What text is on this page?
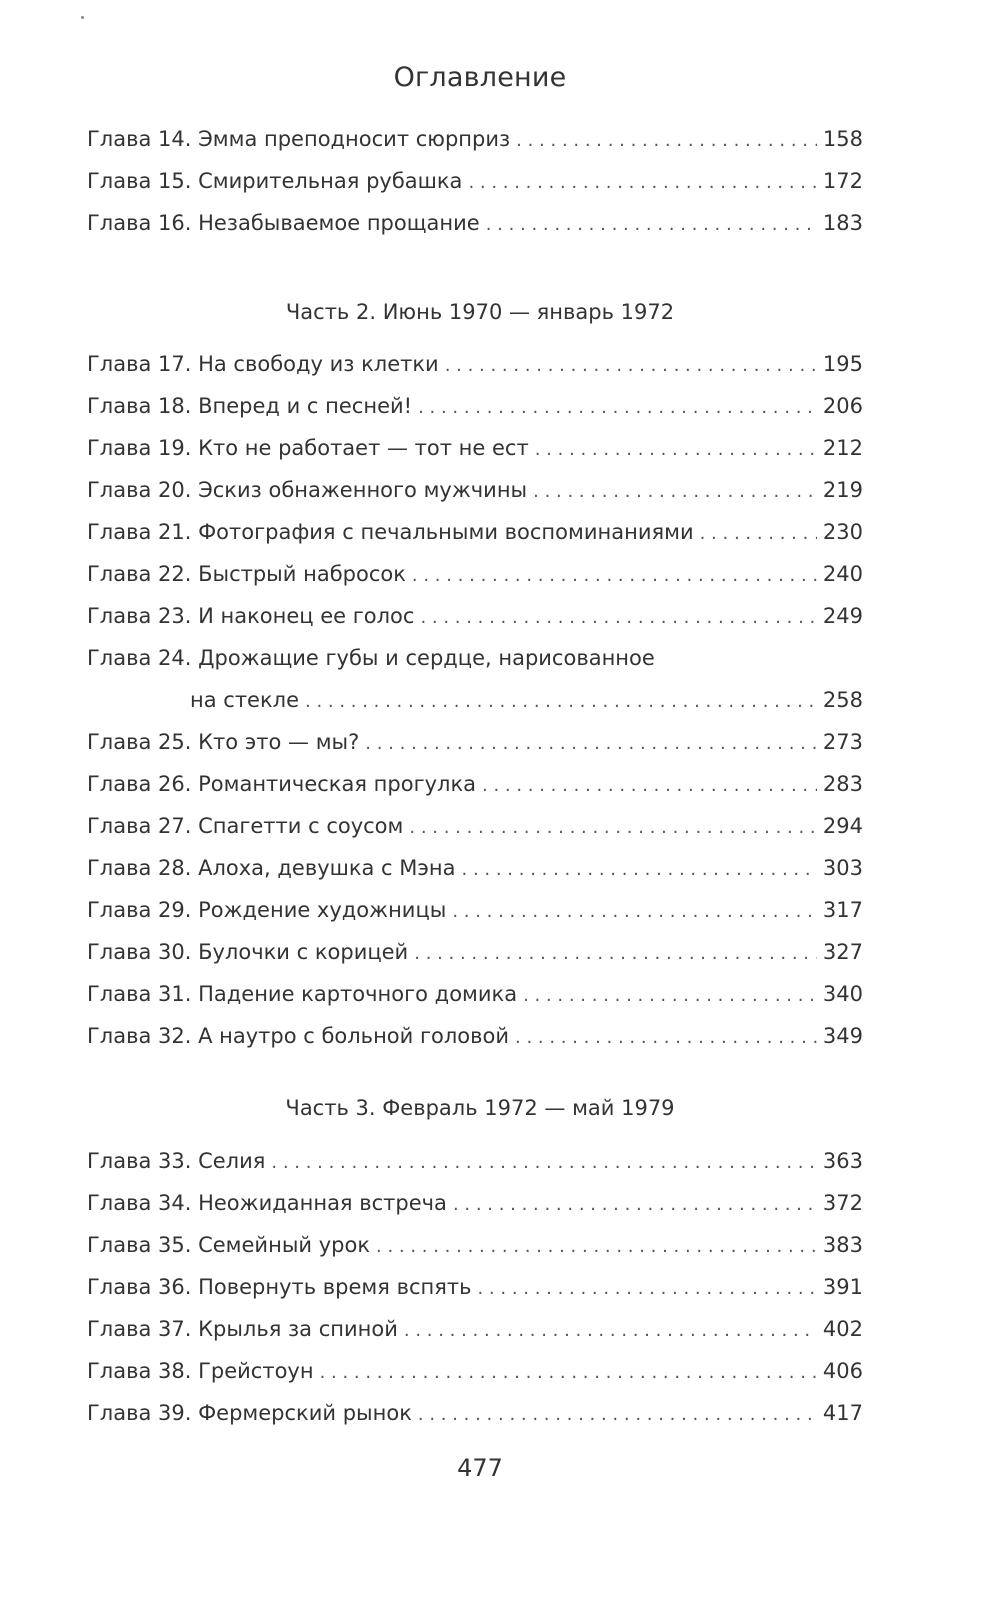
Оглавление
Глава 14. Эмма преподносит сюрприз . . .	158
Глава 15. Смирительная рубашка . . .	172
Глава 16. Незабываемое прощание . . .	183
Часть 2. Июнь 1970 — январь 1972
Глава 17. На свободу из клетки . . .	195
Глава 18. Вперед и с песней! . . .	206
Глава 19. Кто не работает — тот не ест . . .	212
Глава 20. Эскиз обнаженного мужчины . . .	219
Глава 21. Фотография с печальными воспоминаниями . . .	230
Глава 22. Быстрый набросок . . .	240
Глава 23. И наконец ее голос . . .	249
Глава 24. Дрожащие губы и сердце, нарисованное
на стекле . . .	258
Глава 25. Кто это — мы? . . .	273
Глава 26. Романтическая прогулка . . .	283
Глава 27. Спагетти с соусом . . .	294
Глава 28. Алоха, девушка с Мэна . . .	303
Глава 29. Рождение художницы . . .	317
Глава 30. Булочки с корицей . . .	327
Глава 31. Падение карточного домика . . .	340
Глава 32. А наутро с больной головой . . .	349
Часть 3. Февраль 1972 — май 1979
Глава 33. Селия . . .	363
Глава 34. Неожиданная встреча . . .	372
Глава 35. Семейный урок . . .	383
Глава 36. Повернуть время вспять . . .	391
Глава 37. Крылья за спиной . . .	402
Глава 38. Грейстоун . . .	406
Глава 39. Фермерский рынок . . .	417
477
